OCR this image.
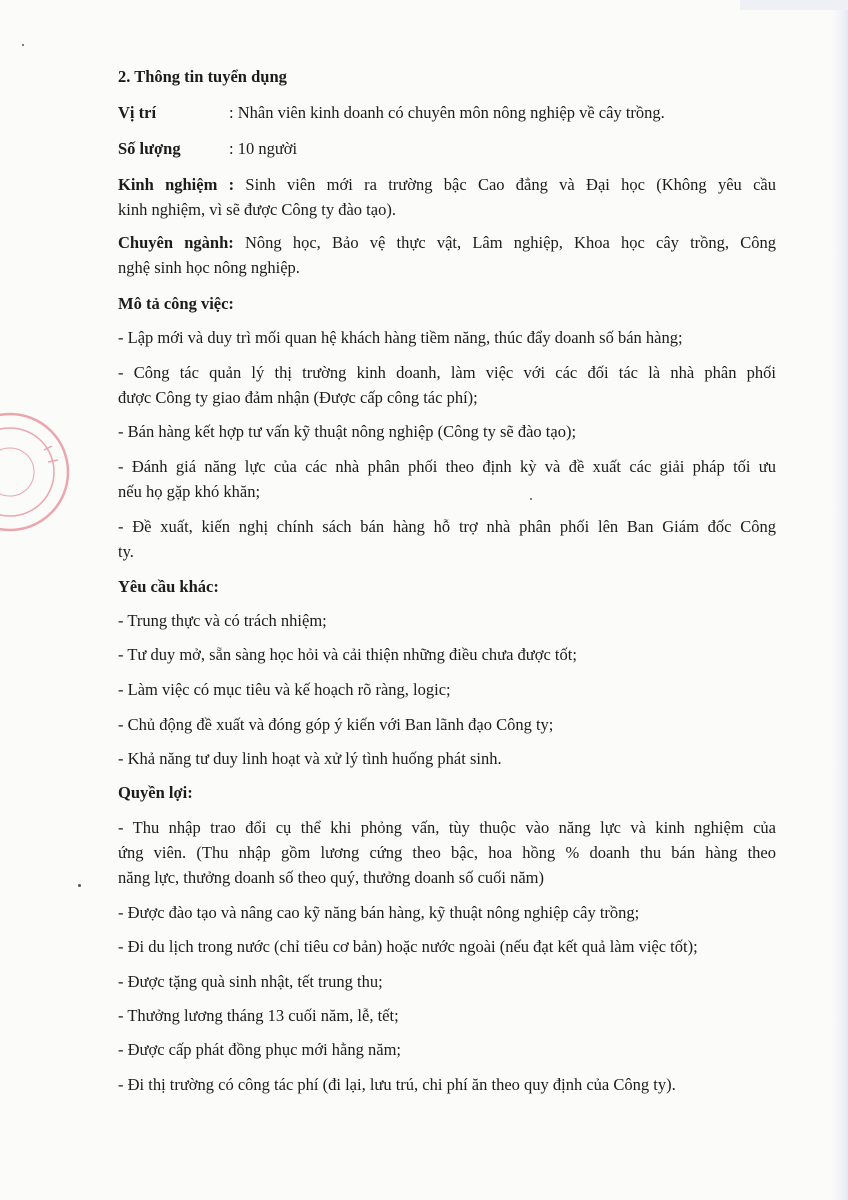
2. Thông tin tuyển dụng
Vị trí	: Nhân viên kinh doanh có chuyên môn nông nghiệp về cây trồng.
Số lượng	: 10 người
Kinh nghiệm : Sinh viên mới ra trường bậc Cao đẳng và Đại học (Không yêu cầu
kinh nghiệm, vì sẽ được Công ty đào tạo).
Chuyên ngành: Nông học, Bảo vệ thực vật, Lâm nghiệp, Khoa học cây trồng, Công
nghệ sinh học nông nghiệp.
Mô tả công việc:
- Lập mới và duy trì mối quan hệ khách hàng tiềm năng, thúc đẩy doanh số bán hàng;
- Công tác quản lý thị trường kinh doanh, làm việc với các đối tác là nhà phân phối
được Công ty giao đảm nhận (Được cấp công tác phí);
- Bán hàng kết hợp tư vấn kỹ thuật nông nghiệp (Công ty sẽ đào tạo);
- Đánh giá năng lực của các nhà phân phối theo định kỳ và đề xuất các giải pháp tối ưu
nếu họ gặp khó khăn;
- Đề xuất, kiến nghị chính sách bán hàng hỗ trợ nhà phân phối lên Ban Giám đốc Công
ty.
Yêu cầu khác:
- Trung thực và có trách nhiệm;
- Tư duy mở, sẵn sàng học hỏi và cải thiện những điều chưa được tốt;
- Làm việc có mục tiêu và kế hoạch rõ ràng, logic;
- Chủ động đề xuất và đóng góp ý kiến với Ban lãnh đạo Công ty;
- Khả năng tư duy linh hoạt và xử lý tình huống phát sinh.
Quyền lợi:
- Thu nhập trao đổi cụ thể khi phỏng vấn, tùy thuộc vào năng lực và kinh nghiệm của
ứng viên. (Thu nhập gồm lương cứng theo bậc, hoa hồng % doanh thu bán hàng theo
năng lực, thưởng doanh số theo quý, thưởng doanh số cuối năm)
- Được đào tạo và nâng cao kỹ năng bán hàng, kỹ thuật nông nghiệp cây trồng;
- Đi du lịch trong nước (chỉ tiêu cơ bản) hoặc nước ngoài (nếu đạt kết quả làm việc tốt);
- Được tặng quà sinh nhật, tết trung thu;
- Thưởng lương tháng 13 cuối năm, lễ, tết;
- Được cấp phát đồng phục mới hằng năm;
- Đi thị trường có công tác phí (đi lại, lưu trú, chi phí ăn theo quy định của Công ty).
